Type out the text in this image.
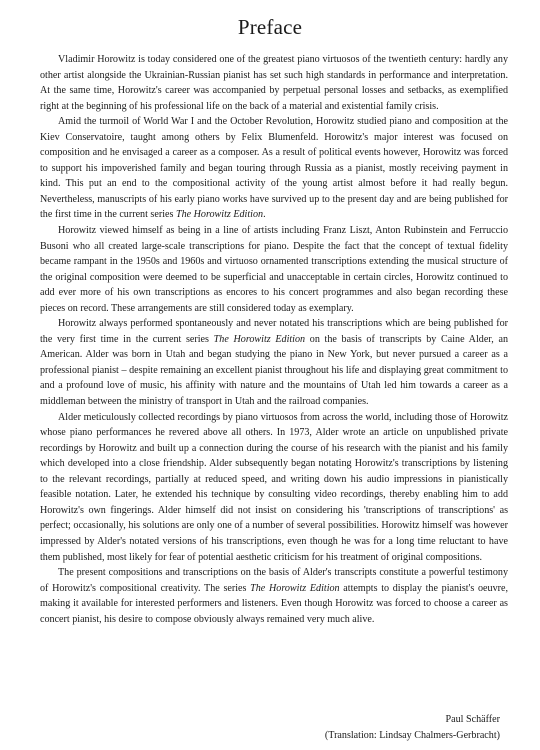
Preface

Vladimir Horowitz is today considered one of the greatest piano virtuosos of the twentieth century: hardly any other artist alongside the Ukrainian-Russian pianist has set such high standards in performance and interpretation. At the same time, Horowitz's career was accompanied by perpetual personal losses and setbacks, as exemplified right at the beginning of his professional life on the back of a material and existential family crisis.

Amid the turmoil of World War I and the October Revolution, Horowitz studied piano and composition at the Kiev Conservatoire, taught among others by Felix Blumenfeld. Horowitz's major interest was focused on composition and he envisaged a career as a composer. As a result of political events however, Horowitz was forced to support his impoverished family and began touring through Russia as a pianist, mostly receiving payment in kind. This put an end to the compositional activity of the young artist almost before it had really begun. Nevertheless, manuscripts of his early piano works have survived up to the present day and are being published for the first time in the current series The Horowitz Edition.

Horowitz viewed himself as being in a line of artists including Franz Liszt, Anton Rubinstein and Ferruccio Busoni who all created large-scale transcriptions for piano. Despite the fact that the concept of textual fidelity became rampant in the 1950s and 1960s and virtuoso ornamented transcriptions extending the musical structure of the original composition were deemed to be superficial and unacceptable in certain circles, Horowitz continued to add ever more of his own transcriptions as encores to his concert programmes and also began recording these pieces on record. These arrangements are still considered today as exemplary.

Horowitz always performed spontaneously and never notated his transcriptions which are being published for the very first time in the current series The Horowitz Edition on the basis of transcripts by Caine Alder, an American. Alder was born in Utah and began studying the piano in New York, but never pursued a career as a professional pianist – despite remaining an excellent pianist throughout his life and displaying great commitment to and a profound love of music, his affinity with nature and the mountains of Utah led him towards a career as a middleman between the ministry of transport in Utah and the railroad companies.

Alder meticulously collected recordings by piano virtuosos from across the world, including those of Horowitz whose piano performances he revered above all others. In 1973, Alder wrote an article on unpublished private recordings by Horowitz and built up a connection during the course of his research with the pianist and his family which developed into a close friendship. Alder subsequently began notating Horowitz's transcriptions by listening to the relevant recordings, partially at reduced speed, and writing down his audio impressions in pianistically feasible notation. Later, he extended his technique by consulting video recordings, thereby enabling him to add Horowitz's own fingerings. Alder himself did not insist on considering his 'transcriptions of transcriptions' as perfect; occasionally, his solutions are only one of a number of several possibilities. Horowitz himself was however impressed by Alder's notated versions of his transcriptions, even though he was for a long time reluctant to have them published, most likely for fear of potential aesthetic criticism for his treatment of original compositions.

The present compositions and transcriptions on the basis of Alder's transcripts constitute a powerful testimony of Horowitz's compositional creativity. The series The Horowitz Edition attempts to display the pianist's oeuvre, making it available for interested performers and listeners. Even though Horowitz was forced to choose a career as concert pianist, his desire to compose obviously always remained very much alive.

Paul Schäffer
(Translation: Lindsay Chalmers-Gerbracht)
